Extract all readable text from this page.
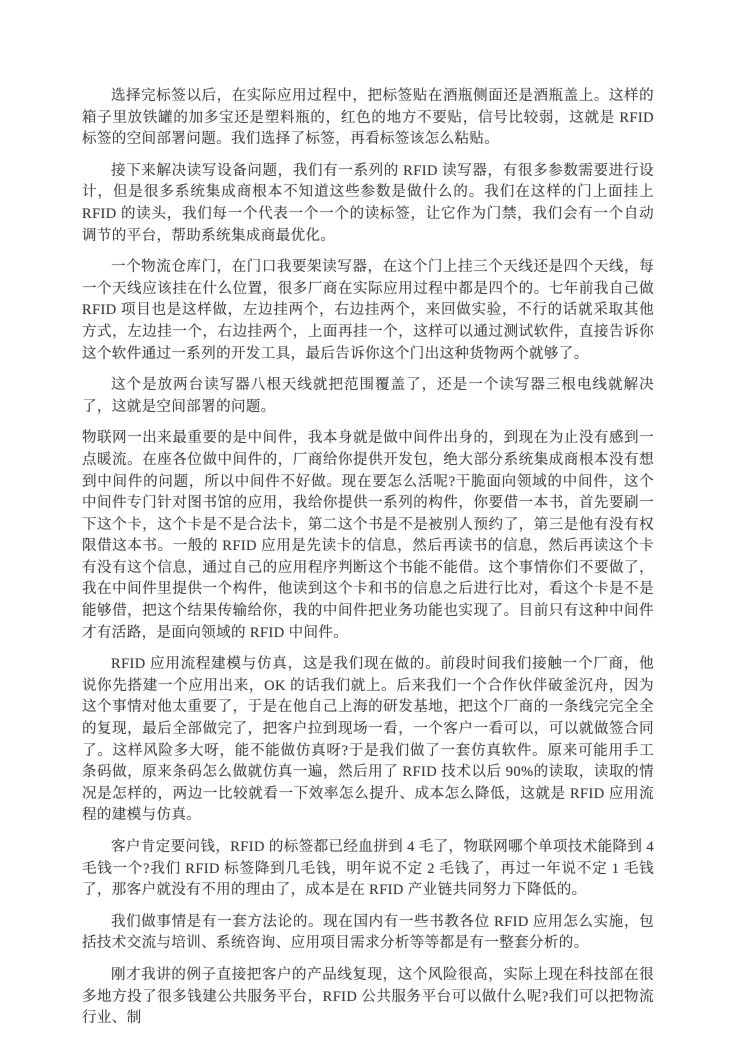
选择完标签以后，在实际应用过程中，把标签贴在酒瓶侧面还是酒瓶盖上。这样的箱子里放铁罐的加多宝还是塑料瓶的，红色的地方不要贴，信号比较弱，这就是 RFID 标签的空间部署问题。我们选择了标签，再看标签该怎么粘贴。

接下来解决读写设备问题，我们有一系列的 RFID 读写器，有很多参数需要进行设计，但是很多系统集成商根本不知道这些参数是做什么的。我们在这样的门上面挂上 RFID 的读头，我们每一个代表一个一个的读标签，让它作为门禁，我们会有一个自动调节的平台，帮助系统集成商最优化。

一个物流仓库门，在门口我要架读写器，在这个门上挂三个天线还是四个天线，每一个天线应该挂在什么位置，很多厂商在实际应用过程中都是四个的。七年前我自己做 RFID 项目也是这样做，左边挂两个，右边挂两个，来回做实验，不行的话就采取其他方式，左边挂一个，右边挂两个，上面再挂一个，这样可以通过测试软件，直接告诉你这个软件通过一系列的开发工具，最后告诉你这个门出这种货物两个就够了。

这个是放两台读写器八根天线就把范围覆盖了，还是一个读写器三根电线就解决了，这就是空间部署的问题。

物联网一出来最重要的是中间件，我本身就是做中间件出身的，到现在为止没有感到一点暖流。在座各位做中间件的，厂商给你提供开发包，绝大部分系统集成商根本没有想到中间件的问题，所以中间件不好做。现在要怎么活呢?干脆面向领域的中间件，这个中间件专门针对图书馆的应用，我给你提供一系列的构件，你要借一本书，首先要刷一下这个卡，这个卡是不是合法卡，第二这个书是不是被别人预约了，第三是他有没有权限借这本书。一般的 RFID 应用是先读卡的信息，然后再读书的信息，然后再读这个卡有没有这个信息，通过自己的应用程序判断这个书能不能借。这个事情你们不要做了，我在中间件里提供一个构件，他读到这个卡和书的信息之后进行比对，看这个卡是不是能够借，把这个结果传输给你，我的中间件把业务功能也实现了。目前只有这种中间件才有活路，是面向领域的 RFID 中间件。

RFID 应用流程建模与仿真，这是我们现在做的。前段时间我们接触一个厂商，他说你先搭建一个应用出来，OK 的话我们就上。后来我们一个合作伙伴破釜沉舟，因为这个事情对他太重要了，于是在他自己上海的研发基地，把这个厂商的一条线完完全全的复现，最后全部做完了，把客户拉到现场一看，一个客户一看可以，可以就做签合同了。这样风险多大呀，能不能做仿真呀?于是我们做了一套仿真软件。原来可能用手工条码做，原来条码怎么做就仿真一遍，然后用了 RFID 技术以后 90%的读取，读取的情况是怎样的，两边一比较就看一下效率怎么提升、成本怎么降低，这就是 RFID 应用流程的建模与仿真。

客户肯定要问钱，RFID 的标签都已经血拼到 4 毛了，物联网哪个单项技术能降到 4 毛钱一个?我们 RFID 标签降到几毛钱，明年说不定 2 毛钱了，再过一年说不定 1 毛钱了，那客户就没有不用的理由了，成本是在 RFID 产业链共同努力下降低的。

我们做事情是有一套方法论的。现在国内有一些书教各位 RFID 应用怎么实施，包括技术交流与培训、系统咨询、应用项目需求分析等等都是有一整套分析的。

刚才我讲的例子直接把客户的产品线复现，这个风险很高，实际上现在科技部在很多地方投了很多钱建公共服务平台，RFID 公共服务平台可以做什么呢?我们可以把物流行业、制
